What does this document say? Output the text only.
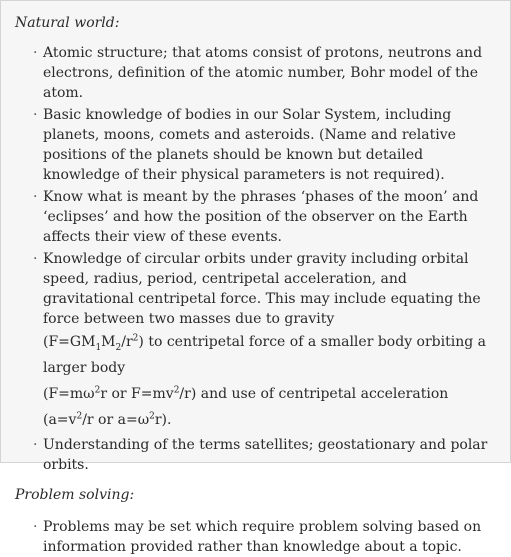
Natural world:
· Atomic structure; that atoms consist of protons, neutrons and electrons, definition of the atomic number, Bohr model of the atom.
· Basic knowledge of bodies in our Solar System, including planets, moons, comets and asteroids. (Name and relative positions of the planets should be known but detailed knowledge of their physical parameters is not required).
· Know what is meant by the phrases ‘phases of the moon’ and ‘eclipses’ and how the position of the observer on the Earth affects their view of these events.
· Knowledge of circular orbits under gravity including orbital speed, radius, period, centripetal acceleration, and gravitational centripetal force. This may include equating the force between two masses due to gravity
$(F=GM_1M_2/r^2)$ to centripetal force of a smaller body orbiting a larger body
($F=m\omega^2r$ or $F=mv^2/r$) and use of centripetal acceleration ($a=v^2/r$ or $a=\omega^2r$).
· Understanding of the terms satellites; geostationary and polar orbits.
Problem solving:
· Problems may be set which require problem solving based on information provided rather than knowledge about a topic.
